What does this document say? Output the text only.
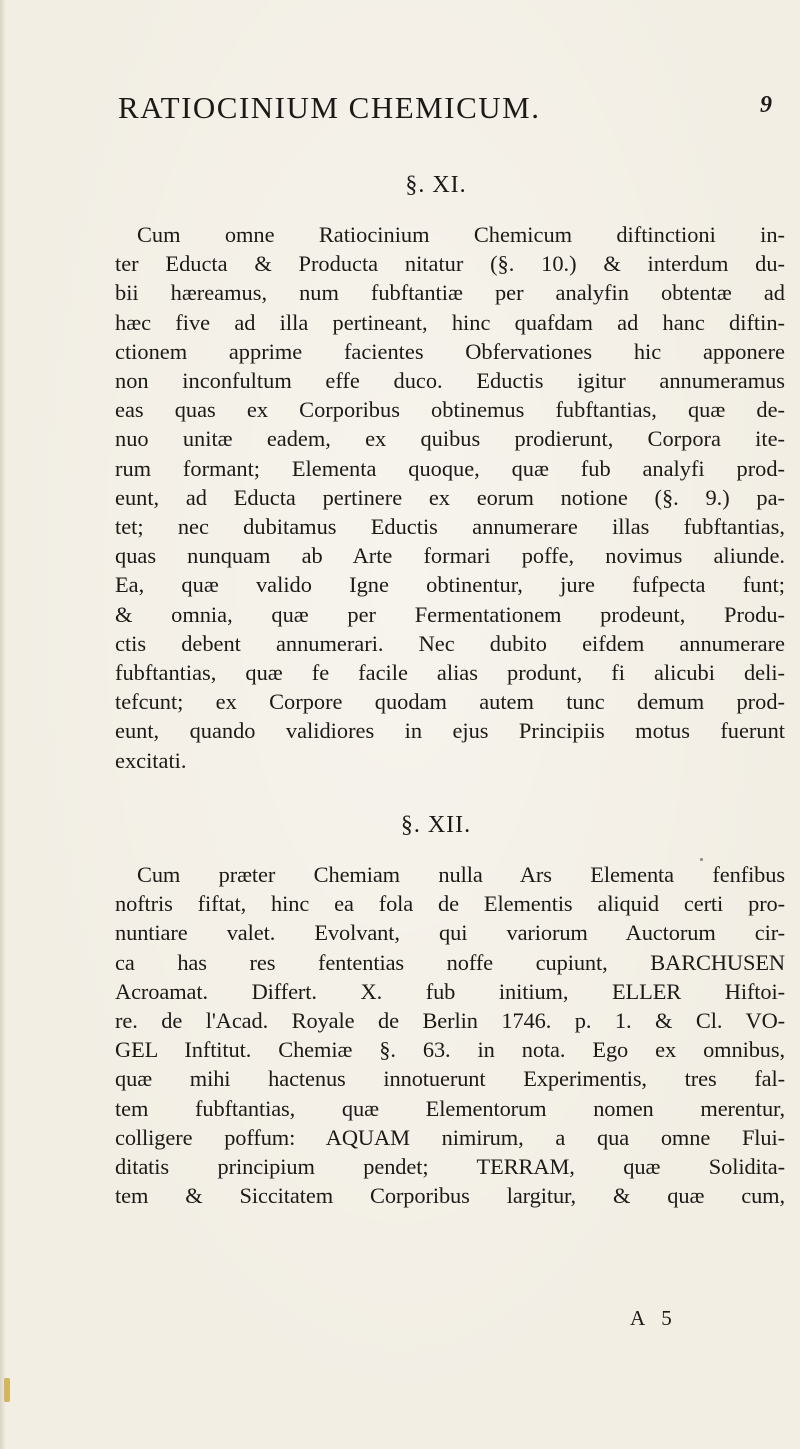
RATIOCINIUM CHEMICUM.	9
§. XI.
Cum omne Ratiocinium Chemicum diftinctioni in-
ter Educta & Producta nitatur (§. 10.) & interdum du-
bii hæreamus, num fubftantiæ per analyfin obtentæ ad
hæc five ad illa pertineant, hinc quafdam ad hanc diftin-
ctionem apprime facientes Obfervationes hic apponere
non inconfultum effe duco. Eductis igitur annumeramus
eas quas ex Corporibus obtinemus fubftantias, quæ de-
nuo unitæ eadem, ex quibus prodierunt, Corpora ite-
rum formant; Elementa quoque, quæ fub analyfi prod-
eunt, ad Educta pertinere ex eorum notione (§. 9.) pa-
tet; nec dubitamus Eductis annumerare illas fubftantias,
quas nunquam ab Arte formari poffe, novimus aliunde.
Ea, quæ valido Igne obtinentur, jure fufpecta funt;
& omnia, quæ per Fermentationem prodeunt, Produ-
ctis debent annumerari. Nec dubito eifdem annumerare
fubftantias, quæ fe facile alias produnt, fi alicubi deli-
tefcunt; ex Corpore quodam autem tunc demum prod-
eunt, quando validiores in ejus Principiis motus fuerunt
excitati.
§. XII.
Cum præter Chemiam nulla Ars Elementa fenfibus
noftris fiftat, hinc ea fola de Elementis aliquid certi pro-
nuntiare valet. Evolvant, qui variorum Auctorum cir-
ca has res fententias noffe cupiunt, BARCHUSEN
Acroamat. Differt. X. fub initium, ELLER Hiftoi-
re. de l'Acad. Royale de Berlin 1746. p. 1. & Cl. VO-
GEL Inftitut. Chemiæ §. 63. in nota. Ego ex omnibus,
quæ mihi hactenus innotuerunt Experimentis, tres fal-
tem fubftantias, quæ Elementorum nomen merentur,
colligere poffum: AQUAM nimirum, a qua omne Flui-
ditatis principium pendet; TERRAM, quæ Solidita-
tem & Siccitatem Corporibus largitur, & quæ cum,
A 5
